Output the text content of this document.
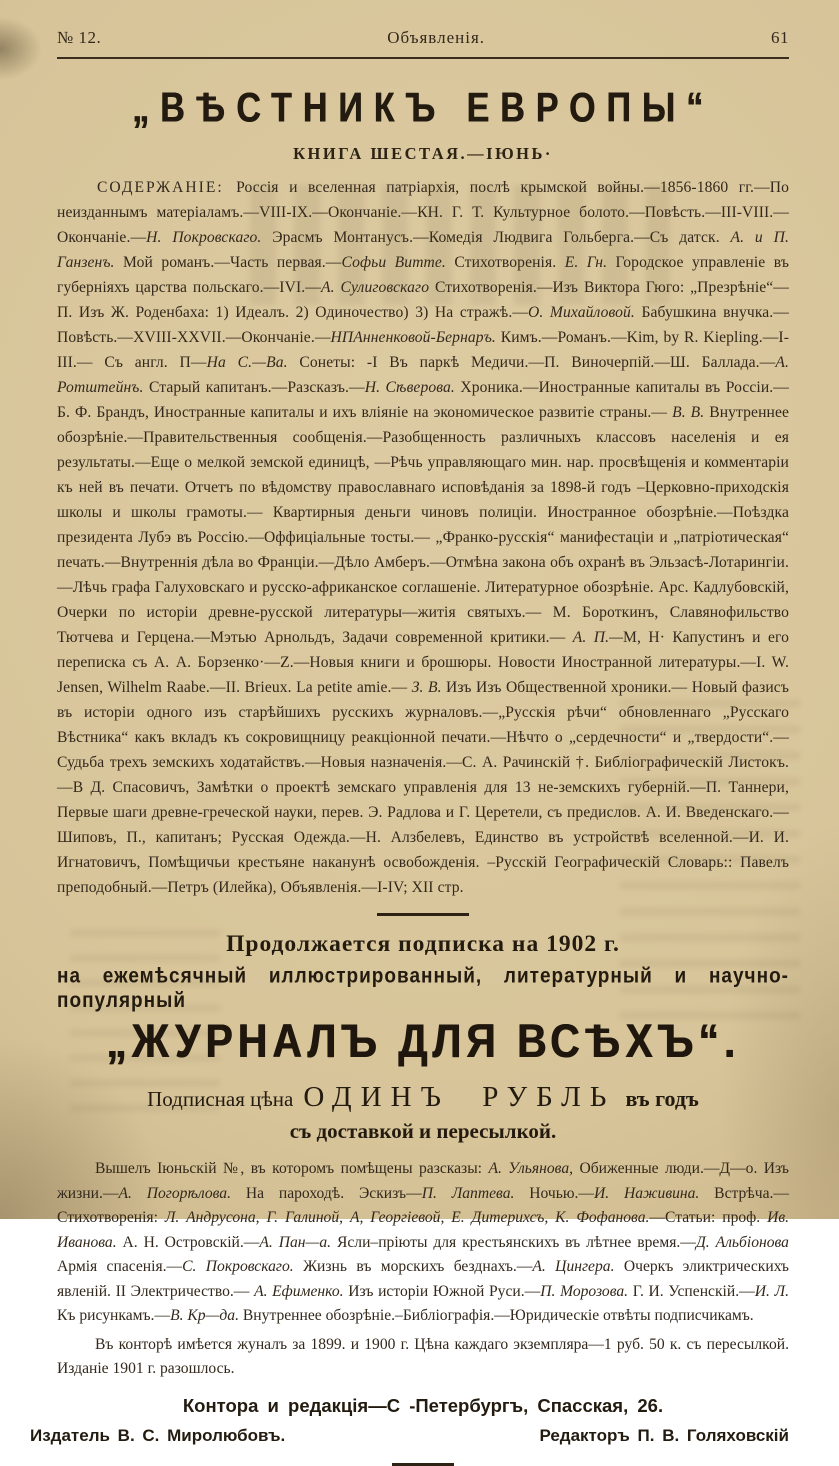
№ 12.	Объявленія.	61
„ВѢСТНИКЪ ЕВРОПЫ“
КНИГА ШЕСТАЯ.—ІЮНЬ·
СОДЕРЖАНІЕ: Россія и вселенная патріархія, послѣ крымской войны.—1856-1860 гг.—По неизданнымъ матеріаламъ.—VIII-IX.—Окончаніе.—КН. Г. Т. Культурное болото.—Повѣсть.—III-VIII.—Окончаніе.—Н. Покровскаго. Эрасмъ Монтанусъ.—Комедія Людвига Гольберга.—Съ датск. А. и П. Ганзенъ. Мой романъ.—Часть первая.—Софьи Витте. Стихотворенія. Е. Гн. Городское управленіе въ губерніяхъ царства польскаго.—IVI.—А. Сулиговскаго Стихотворенія.—Изъ Виктора Гюго: „Презрѣніе“—П. Изъ Ж. Роденбаха: 1) Идеалъ. 2) Одиночество) 3) На стражѣ.—О. Михайловой. Бабушкина внучка.—Повѣсть.—XVIII-XXVII.—Окончаніе.—НПАнненковой-Бернаръ. Кимъ.—Романъ.—Kim, by R. Kiepling.—I-III.— Съ англ. П—На С.—Ва. Сонеты: -I Въ паркѣ Медичи.—П. Виночерпій.—Ш. Баллада.—А. Ротштейнъ. Старый капитанъ.—Разсказъ.—Н. Сѣверова. Хроника.—Иностранные капиталы въ Россіи.—Б. Ф. Брандъ, Иностранные капиталы и ихъ вліяніе на экономическое развитіе страны.— В. В. Внутреннее обозрѣніе.—Правительственныя сообщенія.—Разобщенность различныхъ классовъ населенія и ея результаты.—Еще о мелкой земской единицѣ, —Рѣчь управляющаго мин. нар. просвѣщенія и комментаріи къ ней въ печати. Отчетъ по вѣдомству православнаго исповѣданія за 1898-й годъ –Церковно-приходскія школы и школы грамоты.— Квартирныя деньги чиновъ полиціи. Иностранное обозрѣніе.—Поѣздка президента Лубэ въ Россію.—Оффиціальные тосты.— „Франко-русскія“ манифестаціи и „патріотическая“ печать.—Внутреннія дѣла во Франціи.—Дѣло Амберъ.—Отмѣна закона объ охранѣ въ Эльзасѣ-Лотарингіи.—Лѣчь графа Галуховскаго и русско-африканское соглашеніе. Литературное обозрѣніе. Арс. Кадлубовскій, Очерки по исторіи древне-русской литературы—житія святыхъ.— М. Бороткинъ, Славянофильство Тютчева и Герцена.—Мэтью Арнольдъ, Задачи современной критики.— А. П.—М, Н· Капустинъ и его переписка съ А. А. Борзенко·—Z.—Новыя книги и брошюры. Новости Иностранной литературы.—I. W. Jensen, Wilhelm Raabe.—II. Brieux. La petite amie.— З. В. Изъ Изъ Общественной хроники.— Новый фазисъ въ исторіи одного изъ старѣйшихъ русскихъ журналовъ.—„Русскія рѣчи“ обновленнаго „Русскаго Вѣстника“ какъ вкладъ къ сокровищницу реакціонной печати.—Нѣчто о „сердечности“ и „твердости“.—Судьба трехъ земскихъ ходатайствъ.—Новыя назначенія.—С. А. Рачинскій †. Библіографическій Листокъ.—В Д. Спасовичъ, Замѣтки о проектѣ земскаго управленія для 13 не-земскихъ губерній.—П. Таннери, Первые шаги древне-греческой науки, перев. Э. Радлова и Г. Церетели, съ предислов. А. И. Введенскаго.—Шиповъ, П., капитанъ; Русская Одежда.—Н. Алзбелевъ, Единство въ устройствѣ вселенной.—И. И. Игнатовичъ, Помѣщичьи крестьяне наканунѣ освобожденія. –Русскій Географическій Словарь:: Павелъ преподобный.—Петръ (Илейка), Объявленія.—I-IV; XII стр.
Продолжается подписка на 1902 г.
на ежемѣсячный иллюстрированный, литературный и научно-популярный
„ЖУРНАЛЪ ДЛЯ ВСѢХЪ“.
Подписная цѣна ОДИНЪ РУБЛЬ въ годъ
съ доставкой и пересылкой.
Вышелъ Іюньскій №, въ которомъ помѣщены разсказы: А. Ульянова, Обиженные люди.—Д—о. Изъ жизни.—А. Погорѣлова. На пароходѣ. Эскизъ—П. Лаптева. Ночью.—И. Наживина. Встрѣча.—Стихотворенія: Л. Андрусона, Г. Галиной, А, Георгіевой, Е. Дитерихсъ, К. Фофанова.—Статьи: проф. Ив. Иванова. А. Н. Островскій.—А. Пан—а. Ясли–пріюты для крестьянскихъ въ лѣтнее время.—Д. Альбіонова Армія спасенія.—С. Покровскаго. Жизнь въ морскихъ безднахъ.—А. Цингера. Очеркъ эликтрическихъ явленій. II Электричество.— А. Ефименко. Изъ исторіи Южной Руси.—П. Морозова. Г. И. Успенскій.—И. Л. Къ рисункамъ.—В. Кр—да. Внутреннее обозрѣніе.–Библіографія.—Юридическіе отвѣты подписчикамъ.
Въ конторѣ имѣется жуналъ за 1899. и 1900 г. Цѣна каждаго экземпляра—1 руб. 50 к. съ пересылкой. Изданіе 1901 г. разошлось.
Контора и редакція—С -Петербургъ, Спасская, 26.
Издатель В. С. Миролюбовъ.	Редакторъ П. В. Голяховскій
